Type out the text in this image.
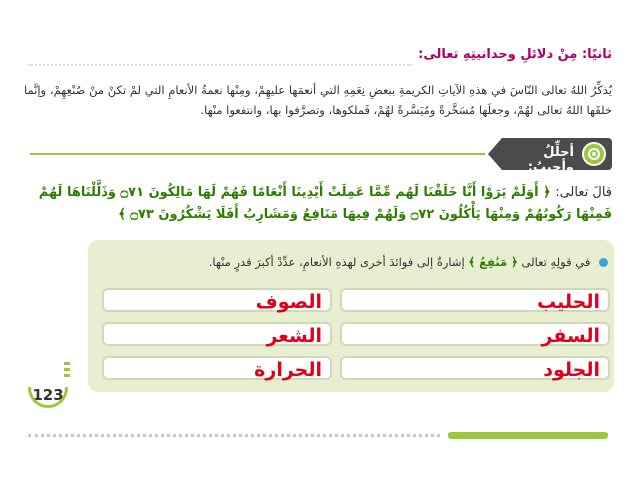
ثانيًا: مِنْ دلائلِ وحدانيتِهِ تعالى:
يُذكِّرُ اللهُ تعالى النّاسَ في هذهِ الآياتِ الكريمةِ ببعضِ نِعَمِهِ التي أنعمَها عليهِمْ، ومِنْها نعمةُ الأنعامِ التي لمْ تكنْ منْ صُنْعِهِمْ، وإنَّما خلقَها اللهُ تعالى لهُمْ، وجعلَها مُسَخَّرةً ومُيَسَّرةً لهُمْ، فَملكوها، وتصرَّفوا بها، وانتفعوا منْها.
أحلِّلُ وأجيبُ:
قالَ تعالى: ﴿ أَوَلَمْ يَرَوْا أَنَّا خَلَقْنَا لَهُم مِّمَّا عَمِلَتْ أَيْدِينَا أَنْعَامًا فَهُمْ لَهَا مَالِكُونَ ۝٧١ وَذَلَّلْنَاهَا لَهُمْ فَمِنْهَا رَكُوبُهُمْ وَمِنْهَا يَأْكُلُونَ ۝٧٢ وَلَهُمْ فِيهَا مَنَافِعُ وَمَشَارِبُ أَفَلَا يَشْكُرُونَ ۝٧٣ ﴾
في قولِهِ تعالى ﴿ مَنَٰفِعُ ﴾ إشارةٌ إلى فوائدَ أخرى لهذهِ الأنعامِ، عدِّدْ أكبرَ قدرٍ منْها.
الحليب
الصوف
السفر
الشعر
الجلود
الحرارة
123
